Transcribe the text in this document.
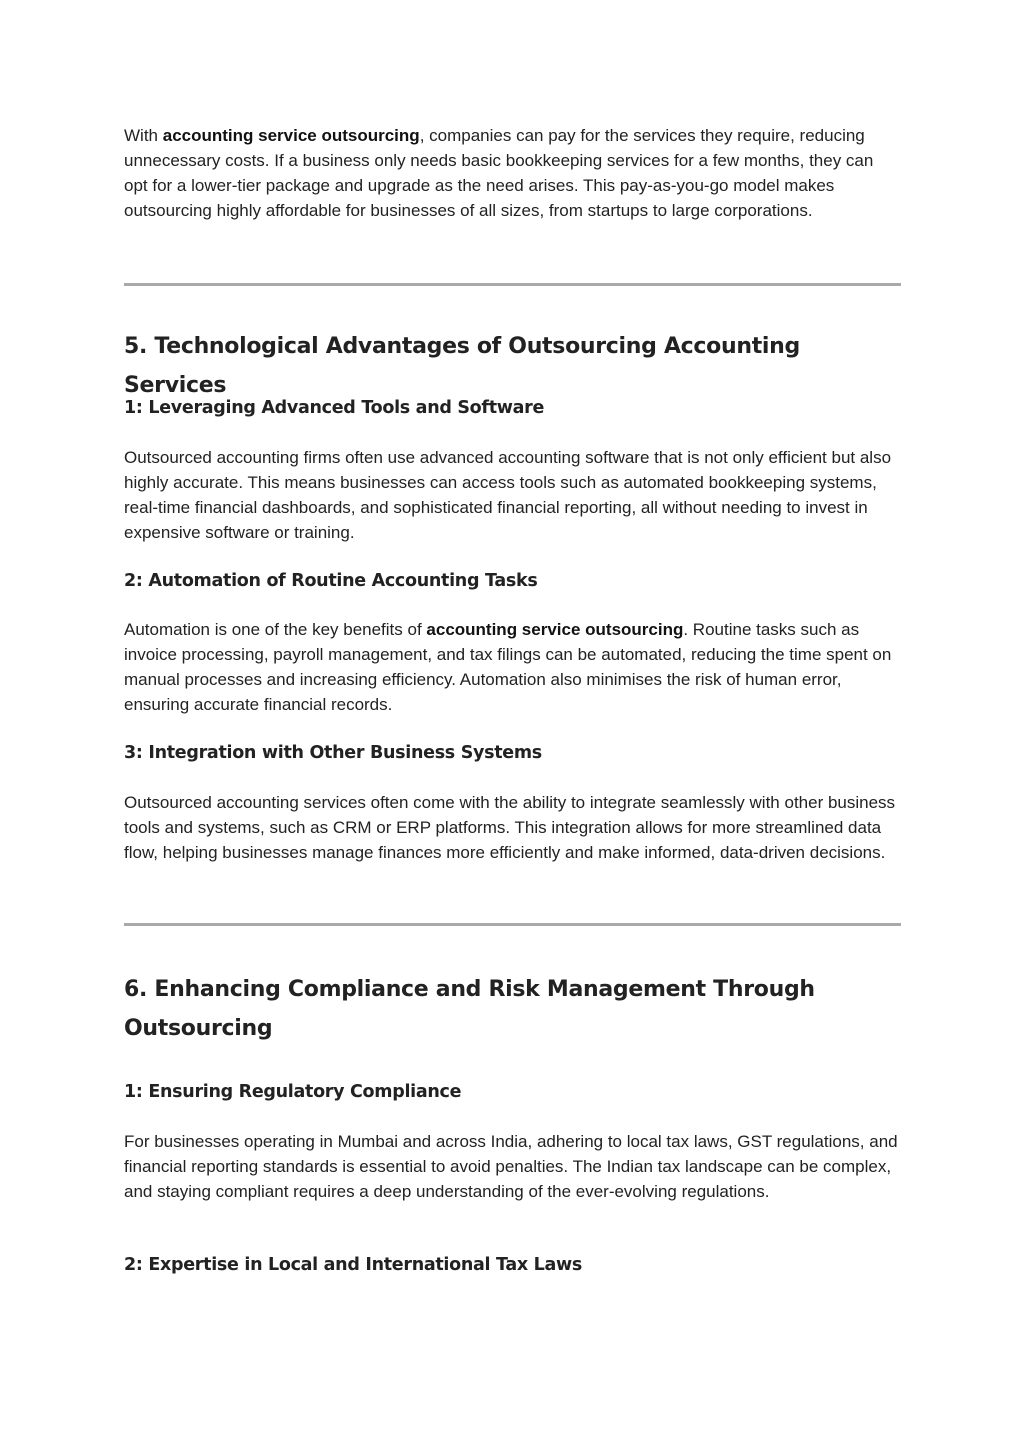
With accounting service outsourcing, companies can pay for the services they require, reducing unnecessary costs. If a business only needs basic bookkeeping services for a few months, they can opt for a lower-tier package and upgrade as the need arises. This pay-as-you-go model makes outsourcing highly affordable for businesses of all sizes, from startups to large corporations.

5. Technological Advantages of Outsourcing Accounting Services
1: Leveraging Advanced Tools and Software

Outsourced accounting firms often use advanced accounting software that is not only efficient but also highly accurate. This means businesses can access tools such as automated bookkeeping systems, real-time financial dashboards, and sophisticated financial reporting, all without needing to invest in expensive software or training.

2: Automation of Routine Accounting Tasks

Automation is one of the key benefits of accounting service outsourcing. Routine tasks such as invoice processing, payroll management, and tax filings can be automated, reducing the time spent on manual processes and increasing efficiency. Automation also minimises the risk of human error, ensuring accurate financial records.

3: Integration with Other Business Systems

Outsourced accounting services often come with the ability to integrate seamlessly with other business tools and systems, such as CRM or ERP platforms. This integration allows for more streamlined data flow, helping businesses manage finances more efficiently and make informed, data-driven decisions.

6. Enhancing Compliance and Risk Management Through Outsourcing
1: Ensuring Regulatory Compliance

For businesses operating in Mumbai and across India, adhering to local tax laws, GST regulations, and financial reporting standards is essential to avoid penalties. The Indian tax landscape can be complex, and staying compliant requires a deep understanding of the ever-evolving regulations.

2: Expertise in Local and International Tax Laws
